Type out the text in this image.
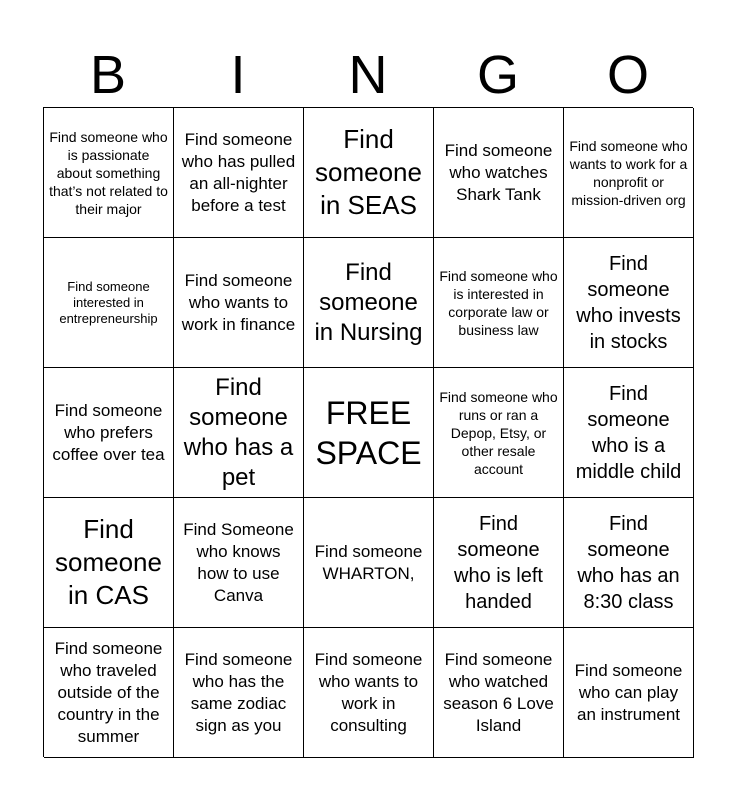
B	I	N	G	O
Find someone who is passionate about something that’s not related to their major
Find someone who has pulled an all-nighter before a test
Find someone in SEAS
Find someone who watches Shark Tank
Find someone who wants to work for a nonprofit or mission-driven org
Find someone interested in entrepreneurship
Find someone who wants to work in finance
Find someone in Nursing
Find someone who is interested in corporate law or business law
Find someone who invests in stocks
Find someone who prefers coffee over tea
Find someone who has a pet
FREE SPACE
Find someone who runs or ran a Depop, Etsy, or other resale account
Find someone who is a middle child
Find someone in CAS
Find Someone who knows how to use Canva
Find someone WHARTON,
Find someone who is left handed
Find someone who has an 8:30 class
Find someone who traveled outside of the country in the summer
Find someone who has the same zodiac sign as you
Find someone who wants to work in consulting
Find someone who watched season 6 Love Island
Find someone who can play an instrument
